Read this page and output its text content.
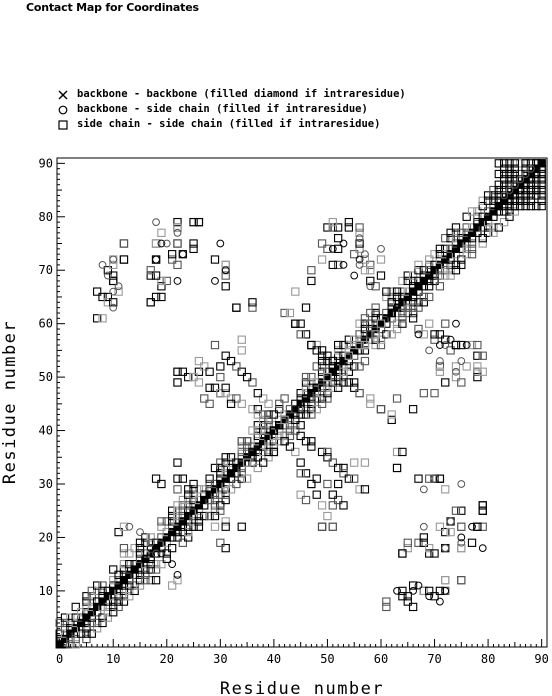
Contact Map for Coordinates
backbone - backbone (filled diamond if intraresidue)
backbone - side chain (filled if intraresidue)
side chain - side chain (filled if intraresidue)
0	10	20	30	40	50	60	70	80	90
10
20
30
40
50
60
70
80
90
Residue number
Residue number
